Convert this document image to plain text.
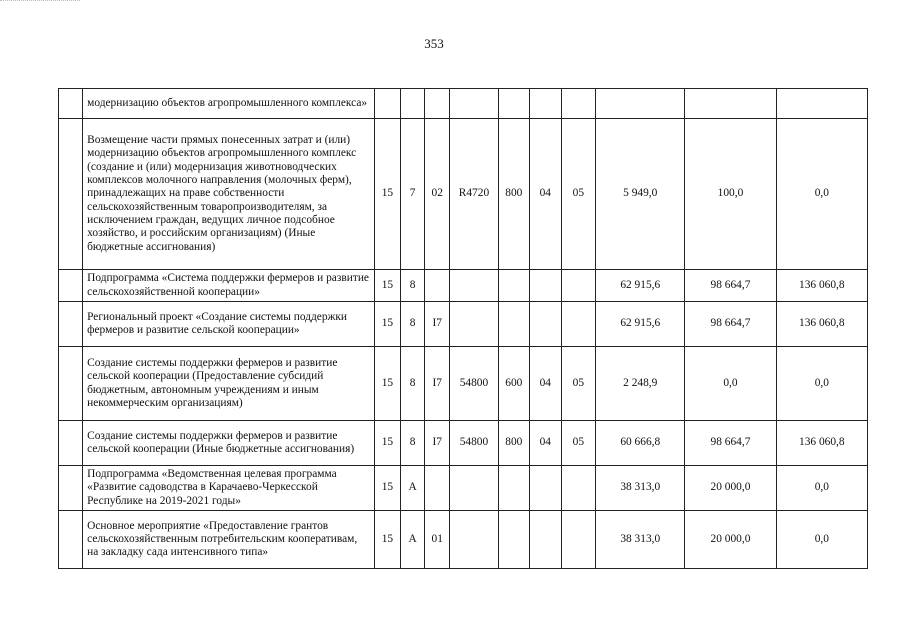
353
	модернизацию объектов агропромышленного комплекса»										
	Возмещение части прямых понесенных затрат и (или) модернизацию объектов агропромышленного комплекс (создание и (или) модернизация животноводческих комплексов молочного направления (молочных ферм), принадлежащих на праве собственности сельскохозяйственным товаропроизводителям, за исключением граждан, ведущих личное подсобное хозяйство, и российским организациям) (Иные бюджетные ассигнования)	15	7	02	R4720	800	04	05	5 949,0	100,0	0,0
	Подпрограмма «Система поддержки фермеров и развитие сельскохозяйственной кооперации»	15	8						62 915,6	98 664,7	136 060,8
	Региональный проект «Создание системы поддержки фермеров и развитие сельской кооперации»	15	8	I7					62 915,6	98 664,7	136 060,8
	Создание системы поддержки фермеров и развитие сельской кооперации (Предоставление субсидий бюджетным, автономным учреждениям и иным некоммерческим организациям)	15	8	I7	54800	600	04	05	2 248,9	0,0	0,0
	Создание системы поддержки фермеров и развитие сельской кооперации (Иные бюджетные ассигнования)	15	8	I7	54800	800	04	05	60 666,8	98 664,7	136 060,8
	Подпрограмма «Ведомственная целевая программа «Развитие садоводства в Карачаево-Черкесской Республике на 2019-2021 годы»	15	А						38 313,0	20 000,0	0,0
	Основное мероприятие «Предоставление грантов сельскохозяйственным потребительским кооперативам, на закладку сада интенсивного типа»	15	А	01					38 313,0	20 000,0	0,0
